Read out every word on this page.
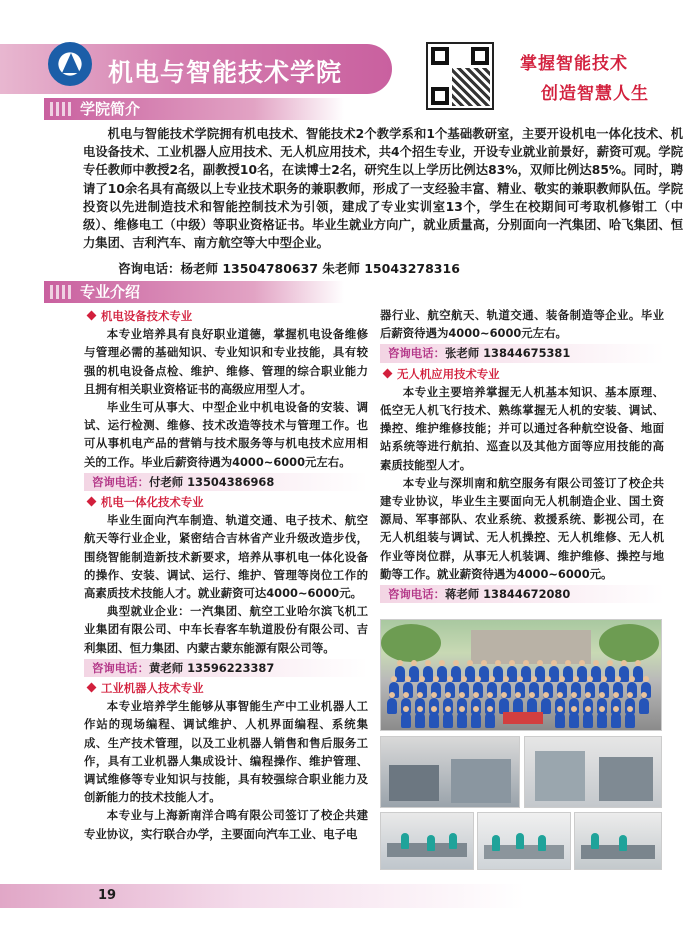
机电与智能技术学院	掌握智能技术
创造智慧人生
学院简介

机电与智能技术学院拥有机电技术、智能技术2个教学系和1个基础教研室，主要开设机电一体化技术、机电设备技术、工业机器人应用技术、无人机应用技术，共4个招生专业，开设专业就业前景好，薪资可观。学院专任教师中教授2名，副教授10名，在读博士2名，研究生以上学历比例达83%，双师比例达85%。同时，聘请了10余名具有高级以上专业技术职务的兼职教师，形成了一支经验丰富、精业、敬实的兼职教师队伍。学院投资以先进制造技术和智能控制技术为引领，建成了专业实训室13个，学生在校期间可考取机修钳工（中级）、维修电工（中级）等职业资格证书。毕业生就业方向广，就业质量高，分别面向一汽集团、哈飞集团、恒力集团、吉利汽车、南方航空等大中型企业。

咨询电话：杨老师 13504780637 朱老师 15043278316
专业介绍
机电设备技术专业

本专业培养具有良好职业道德，掌握机电设备维修与管理必需的基础知识、专业知识和专业技能，具有较强的机电设备点检、维护、维修、管理的综合职业能力且拥有相关职业资格证书的高级应用型人才。

毕业生可从事大、中型企业中机电设备的安装、调试、运行检测、维修、技术改造等技术与管理工作。也可从事机电产品的营销与技术服务等与机电技术应用相关的工作。毕业后薪资待遇为4000~6000元左右。

咨询电话：付老师 13504386968
机电一体化技术专业

毕业生面向汽车制造、轨道交通、电子技术、航空航天等行业企业，紧密结合吉林省产业升级改造步伐，围绕智能制造新技术新要求，培养从事机电一体化设备的操作、安装、调试、运行、维护、管理等岗位工作的高素质技术技能人才。就业薪资可达4000~6000元。

典型就业企业：一汽集团、航空工业哈尔滨飞机工业集团有限公司、中车长春客车轨道股份有限公司、吉利集团、恒力集团、内蒙古蒙东能源有限公司等。

咨询电话：黄老师 13596223387
工业机器人技术专业

本专业培养学生能够从事智能生产中工业机器人工作站的现场编程、调试维护、人机界面编程、系统集成、生产技术管理，以及工业机器人销售和售后服务工作，具有工业机器人集成设计、编程操作、维护管理、调试维修等专业知识与技能，具有较强综合职业能力及创新能力的技术技能人才。

本专业与上海新南洋合鸣有限公司签订了校企共建专业协议，实行联合办学，主要面向汽车工业、电子电

器行业、航空航天、轨道交通、装备制造等企业。毕业后薪资待遇为4000~6000元左右。

咨询电话：张老师 13844675381
无人机应用技术专业

本专业主要培养掌握无人机基本知识、基本原理、低空无人机飞行技术、熟练掌握无人机的安装、调试、操控、维护维修技能；并可以通过各种航空设备、地面站系统等进行航拍、巡查以及其他方面等应用技能的高素质技能型人才。

本专业与深圳南和航空服务有限公司签订了校企共建专业协议，毕业生主要面向无人机制造企业、国土资源局、军事部队、农业系统、救援系统、影视公司，在无人机组装与调试、无人机操控、无人机维修、无人机作业等岗位群，从事无人机装调、维护维修、操控与地勤等工作。就业薪资待遇为4000~6000元。

咨询电话：蒋老师 13844672080
19
